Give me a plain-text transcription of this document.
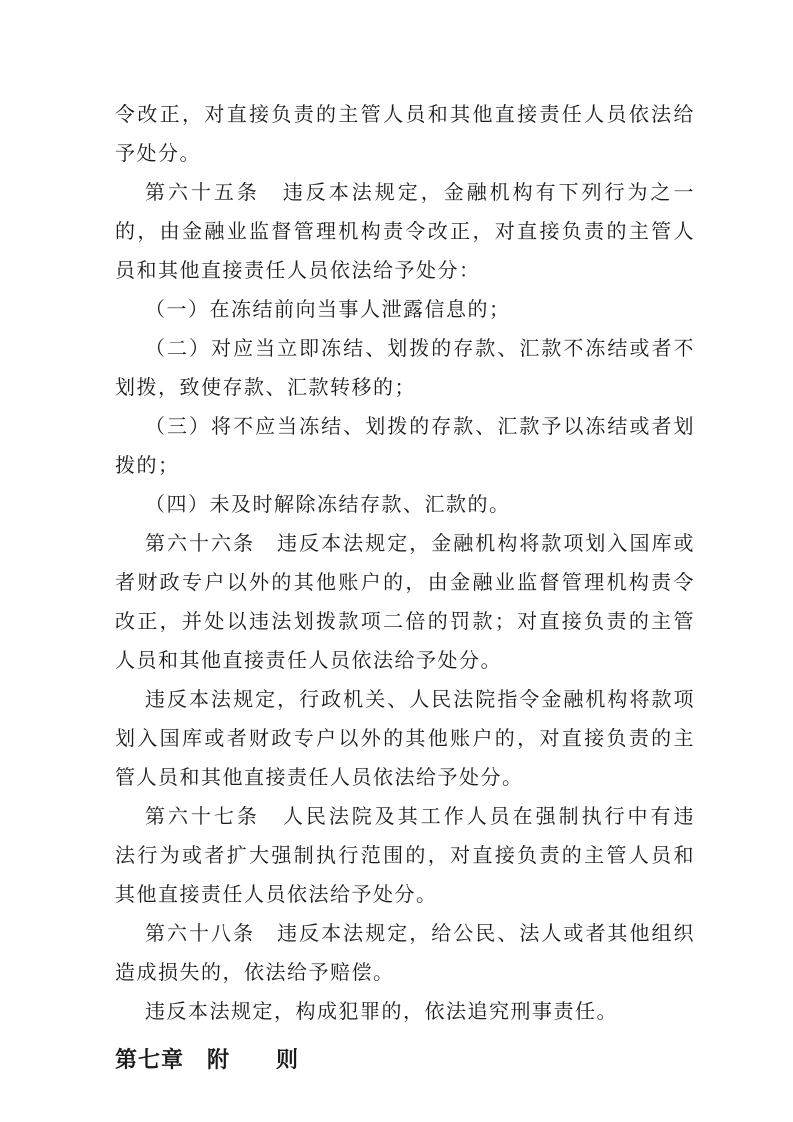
令改正，对直接负责的主管人员和其他直接责任人员依法给
予处分。
第六十五条　违反本法规定，金融机构有下列行为之一
的，由金融业监督管理机构责令改正，对直接负责的主管人
员和其他直接责任人员依法给予处分：
（一）在冻结前向当事人泄露信息的；
（二）对应当立即冻结、划拨的存款、汇款不冻结或者不
划拨，致使存款、汇款转移的；
（三）将不应当冻结、划拨的存款、汇款予以冻结或者划
拨的；
（四）未及时解除冻结存款、汇款的。
第六十六条　违反本法规定，金融机构将款项划入国库或
者财政专户以外的其他账户的，由金融业监督管理机构责令
改正，并处以违法划拨款项二倍的罚款；对直接负责的主管
人员和其他直接责任人员依法给予处分。
违反本法规定，行政机关、人民法院指令金融机构将款项
划入国库或者财政专户以外的其他账户的，对直接负责的主
管人员和其他直接责任人员依法给予处分。
第六十七条　人民法院及其工作人员在强制执行中有违
法行为或者扩大强制执行范围的，对直接负责的主管人员和
其他直接责任人员依法给予处分。
第六十八条　违反本法规定，给公民、法人或者其他组织
造成损失的，依法给予赔偿。
违反本法规定，构成犯罪的，依法追究刑事责任。
第七章　附　　则
